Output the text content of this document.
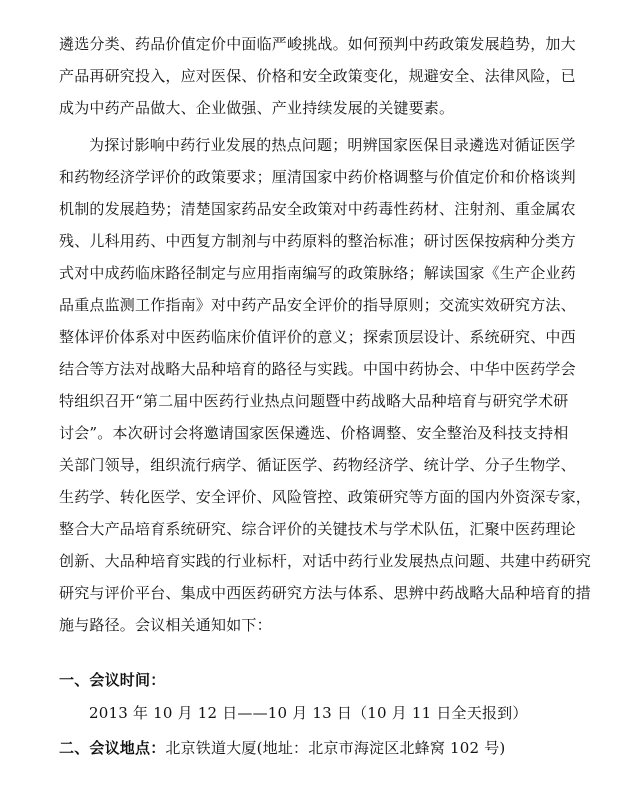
遴选分类、药品价值定价中面临严峻挑战。如何预判中药政策发展趋势，加大
产品再研究投入，应对医保、价格和安全政策变化，规避安全、法律风险，已
成为中药产品做大、企业做强、产业持续发展的关键要素。
为探讨影响中药行业发展的热点问题；明辨国家医保目录遴选对循证医学
和药物经济学评价的政策要求；厘清国家中药价格调整与价值定价和价格谈判
机制的发展趋势；清楚国家药品安全政策对中药毒性药材、注射剂、重金属农
残、儿科用药、中西复方制剂与中药原料的整治标准；研讨医保按病种分类方
式对中成药临床路径制定与应用指南编写的政策脉络；解读国家《生产企业药
品重点监测工作指南》对中药产品安全评价的指导原则；交流实效研究方法、
整体评价体系对中医药临床价值评价的意义；探索顶层设计、系统研究、中西
结合等方法对战略大品种培育的路径与实践。中国中药协会、中华中医药学会
特组织召开“第二届中医药行业热点问题暨中药战略大品种培育与研究学术研
讨会”。本次研讨会将邀请国家医保遴选、价格调整、安全整治及科技支持相
关部门领导，组织流行病学、循证医学、药物经济学、统计学、分子生物学、
生药学、转化医学、安全评价、风险管控、政策研究等方面的国内外资深专家，
整合大产品培育系统研究、综合评价的关键技术与学术队伍，汇聚中医药理论
创新、大品种培育实践的行业标杆，对话中药行业发展热点问题、共建中药研究
研究与评价平台、集成中西医药研究方法与体系、思辨中药战略大品种培育的措
施与路径。会议相关通知如下：
一、会议时间：
2013 年 10 月 12 日——10 月 13 日（10 月 11 日全天报到）
二、会议地点：北京铁道大厦(地址：北京市海淀区北蜂窝 102 号)
